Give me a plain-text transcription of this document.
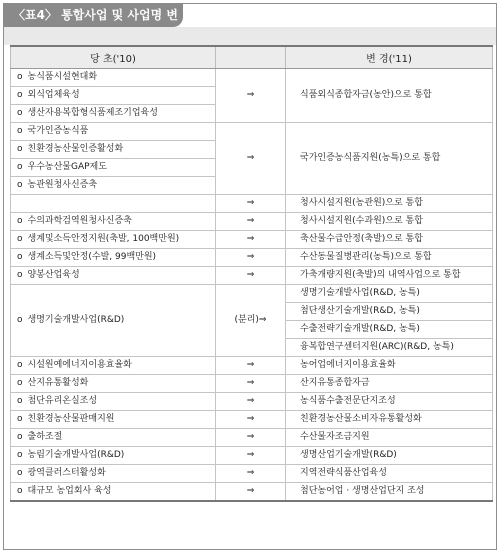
〈표4〉 통합사업 및 사업명 변
당 초('10)		변 경('11)
o 농식품시설현대화	⇒	식품외식종합자금(농안)으로 통합
o 외식업체육성		
o 생산자용복합형식품제조기업육성		
o 국가인증농식품	⇒	국가인증농식품지원(농특)으로 통합
o 친환경농산물인증활성화		
o 우수농산물GAP제도		
o 농관원청사신증축		
	⇒	청사시설지원(농관원)으로 통합
o 수의과학검역원청사신증축	⇒	청사시설지원(수과원)으로 통합
o 생계및소득안정지원(축발, 100백만원)	⇒	축산물수급안정(축발)으로 통합
o 생계소득및안정(수발, 99백만원)	⇒	수산동물질병관리(농특)으로 통합
o 양봉산업육성	⇒	가축개량지원(축발)의 내역사업으로 통합
o 생명기술개발사업(R&D)	(분리)⇒	생명기술개발사업(R&D, 농특)
		첨단생산기술개발(R&D, 농특)
		수출전략기술개발(R&D, 농특)
		융복합연구센터지원(ARC)(R&D, 농특)
o 시설원예에너지이용효율화	⇒	농어업에너지이용효율화
o 산지유통활성화	⇒	산지유통종합자금
o 첨단유리온실조성	⇒	농식품수출전문단지조성
o 친환경농산물판매지원	⇒	친환경농산물소비자유통활성화
o 출하조절	⇒	수산물자조금지원
o 농림기술개발사업(R&D)	⇒	생명산업기술개발(R&D)
o 광역클러스터활성화	⇒	지역전략식품산업육성
o 대규모 농업회사 육성	⇒	첨단농어업 · 생명산업단지 조성
